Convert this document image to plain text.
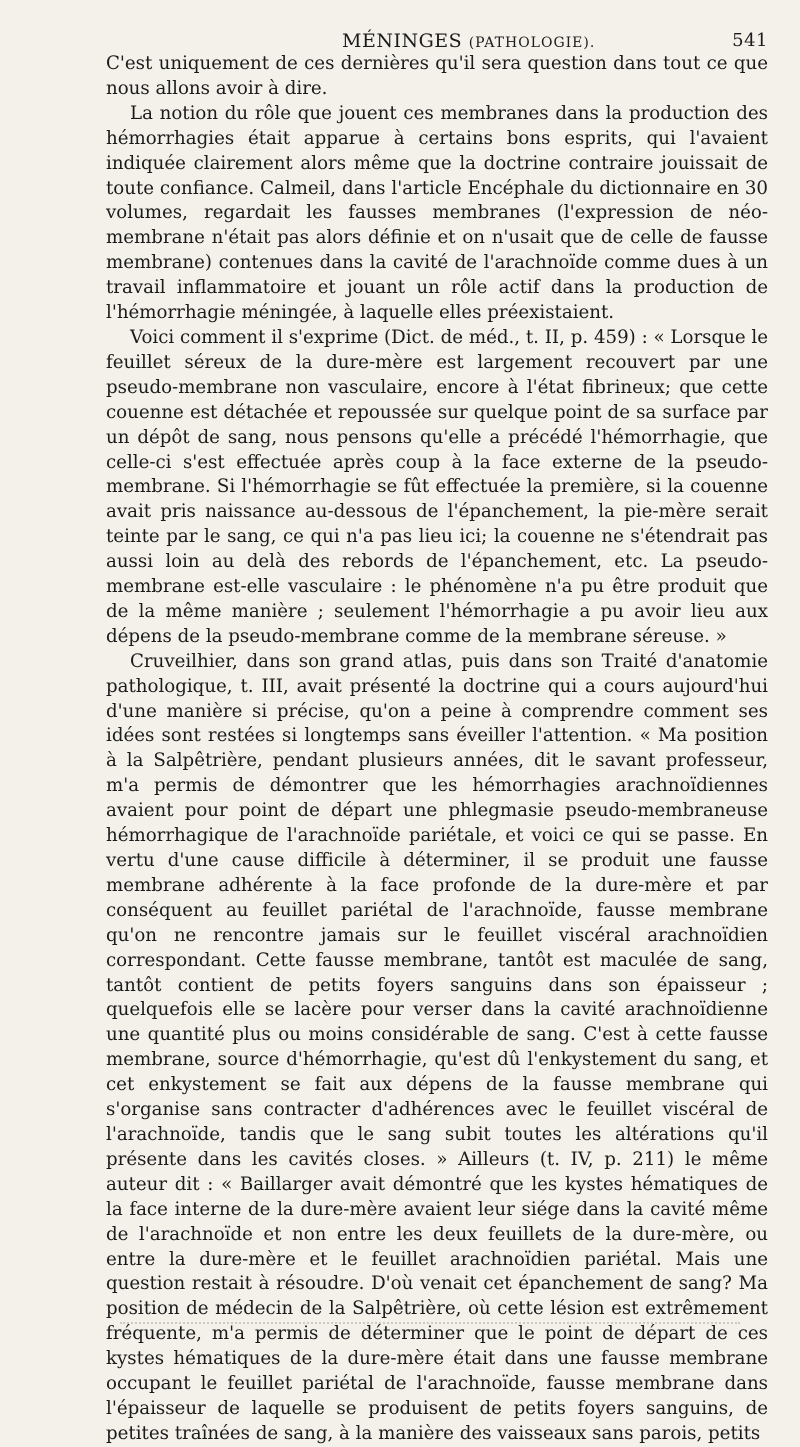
MÉNINGES (PATHOLOGIE).	541

C'est uniquement de ces dernières qu'il sera question dans tout ce que nous allons avoir à dire.

La notion du rôle que jouent ces membranes dans la production des hémorrhagies était apparue à certains bons esprits, qui l'avaient indiquée clairement alors même que la doctrine contraire jouissait de toute confiance. Calmeil, dans l'article Encéphale du dictionnaire en 30 volumes, regardait les fausses membranes (l'expression de néo-membrane n'était pas alors définie et on n'usait que de celle de fausse membrane) contenues dans la cavité de l'arachnoïde comme dues à un travail inflammatoire et jouant un rôle actif dans la production de l'hémorrhagie méningée, à laquelle elles préexistaient.

Voici comment il s'exprime (Dict. de méd., t. II, p. 459) : « Lorsque le feuillet séreux de la dure-mère est largement recouvert par une pseudo-membrane non vasculaire, encore à l'état fibrineux; que cette couenne est détachée et repoussée sur quelque point de sa surface par un dépôt de sang, nous pensons qu'elle a précédé l'hémorrhagie, que celle-ci s'est effectuée après coup à la face externe de la pseudo-membrane. Si l'hémorrhagie se fût effectuée la première, si la couenne avait pris naissance au-dessous de l'épanchement, la pie-mère serait teinte par le sang, ce qui n'a pas lieu ici; la couenne ne s'étendrait pas aussi loin au delà des rebords de l'épanchement, etc. La pseudo-membrane est-elle vasculaire : le phénomène n'a pu être produit que de la même manière ; seulement l'hémorrhagie a pu avoir lieu aux dépens de la pseudo-membrane comme de la membrane séreuse. »

Cruveilhier, dans son grand atlas, puis dans son Traité d'anatomie pathologique, t. III, avait présenté la doctrine qui a cours aujourd'hui d'une manière si précise, qu'on a peine à comprendre comment ses idées sont restées si longtemps sans éveiller l'attention. « Ma position à la Salpêtrière, pendant plusieurs années, dit le savant professeur, m'a permis de démontrer que les hémorrhagies arachnoïdiennes avaient pour point de départ une phlegmasie pseudo-membraneuse hémorrhagique de l'arachnoïde pariétale, et voici ce qui se passe. En vertu d'une cause difficile à déterminer, il se produit une fausse membrane adhérente à la face profonde de la dure-mère et par conséquent au feuillet pariétal de l'arachnoïde, fausse membrane qu'on ne rencontre jamais sur le feuillet viscéral arachnoïdien correspondant. Cette fausse membrane, tantôt est maculée de sang, tantôt contient de petits foyers sanguins dans son épaisseur ; quelquefois elle se lacère pour verser dans la cavité arachnoïdienne une quantité plus ou moins considérable de sang. C'est à cette fausse membrane, source d'hémorrhagie, qu'est dû l'enkystement du sang, et cet enkystement se fait aux dépens de la fausse membrane qui s'organise sans contracter d'adhérences avec le feuillet viscéral de l'arachnoïde, tandis que le sang subit toutes les altérations qu'il présente dans les cavités closes. » Ailleurs (t. IV, p. 211) le même auteur dit : « Baillarger avait démontré que les kystes hématiques de la face interne de la dure-mère avaient leur siége dans la cavité même de l'arachnoïde et non entre les deux feuillets de la dure-mère, ou entre la dure-mère et le feuillet arachnoïdien pariétal. Mais une question restait à résoudre. D'où venait cet épanchement de sang? Ma position de médecin de la Salpêtrière, où cette lésion est extrêmement fréquente, m'a permis de déterminer que le point de départ de ces kystes hématiques de la dure-mère était dans une fausse membrane occupant le feuillet pariétal de l'arachnoïde, fausse membrane dans l'épaisseur de laquelle se produisent de petits foyers sanguins, de petites traînées de sang, à la manière des vaisseaux sans parois, petits
